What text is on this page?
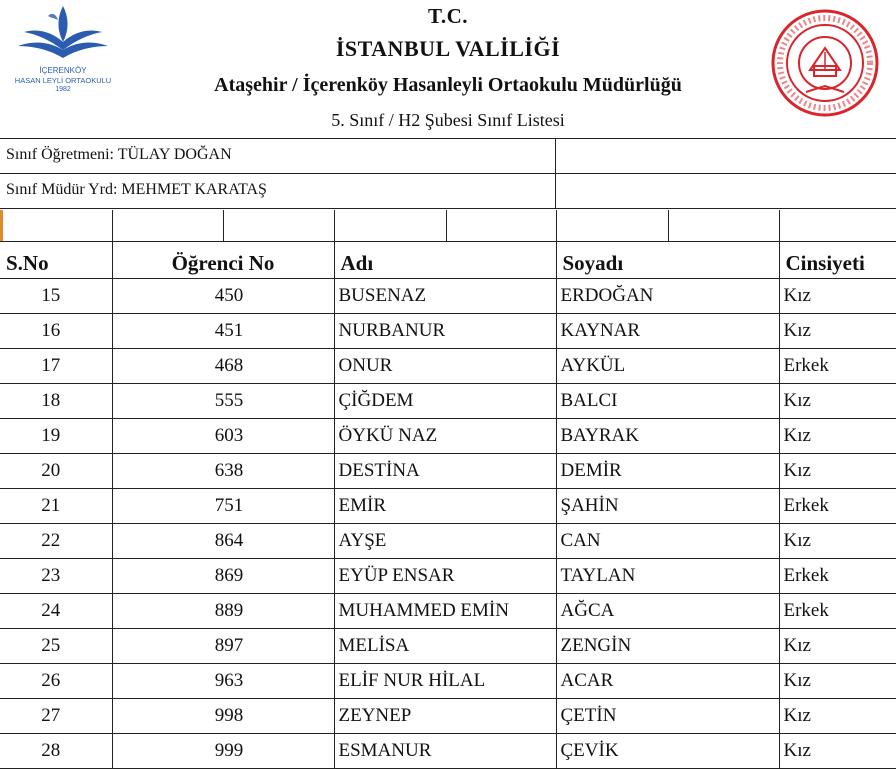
İÇERENKÖY
HASAN LEYLİ ORTAOKULU
1982
T.C.
İSTANBUL VALİLİĞİ
Ataşehir / İçerenköy Hasanleyli Ortaokulu Müdürlüğü
5. Sınıf / H2 Şubesi Sınıf Listesi
Sınıf Öğretmeni: TÜLAY DOĞAN
Sınıf Müdür Yrd: MEHMET KARATAŞ
S.No	Öğrenci No	Adı	Soyadı	Cinsiyeti
15	450	BUSENAZ	ERDOĞAN	Kız
16	451	NURBANUR	KAYNAR	Kız
17	468	ONUR	AYKÜL	Erkek
18	555	ÇİĞDEM	BALCI	Kız
19	603	ÖYKÜ NAZ	BAYRAK	Kız
20	638	DESTİNA	DEMİR	Kız
21	751	EMİR	ŞAHİN	Erkek
22	864	AYŞE	CAN	Kız
23	869	EYÜP ENSAR	TAYLAN	Erkek
24	889	MUHAMMED EMİN	AĞCA	Erkek
25	897	MELİSA	ZENGİN	Kız
26	963	ELİF NUR HİLAL	ACAR	Kız
27	998	ZEYNEP	ÇETİN	Kız
28	999	ESMANUR	ÇEVİK	Kız
